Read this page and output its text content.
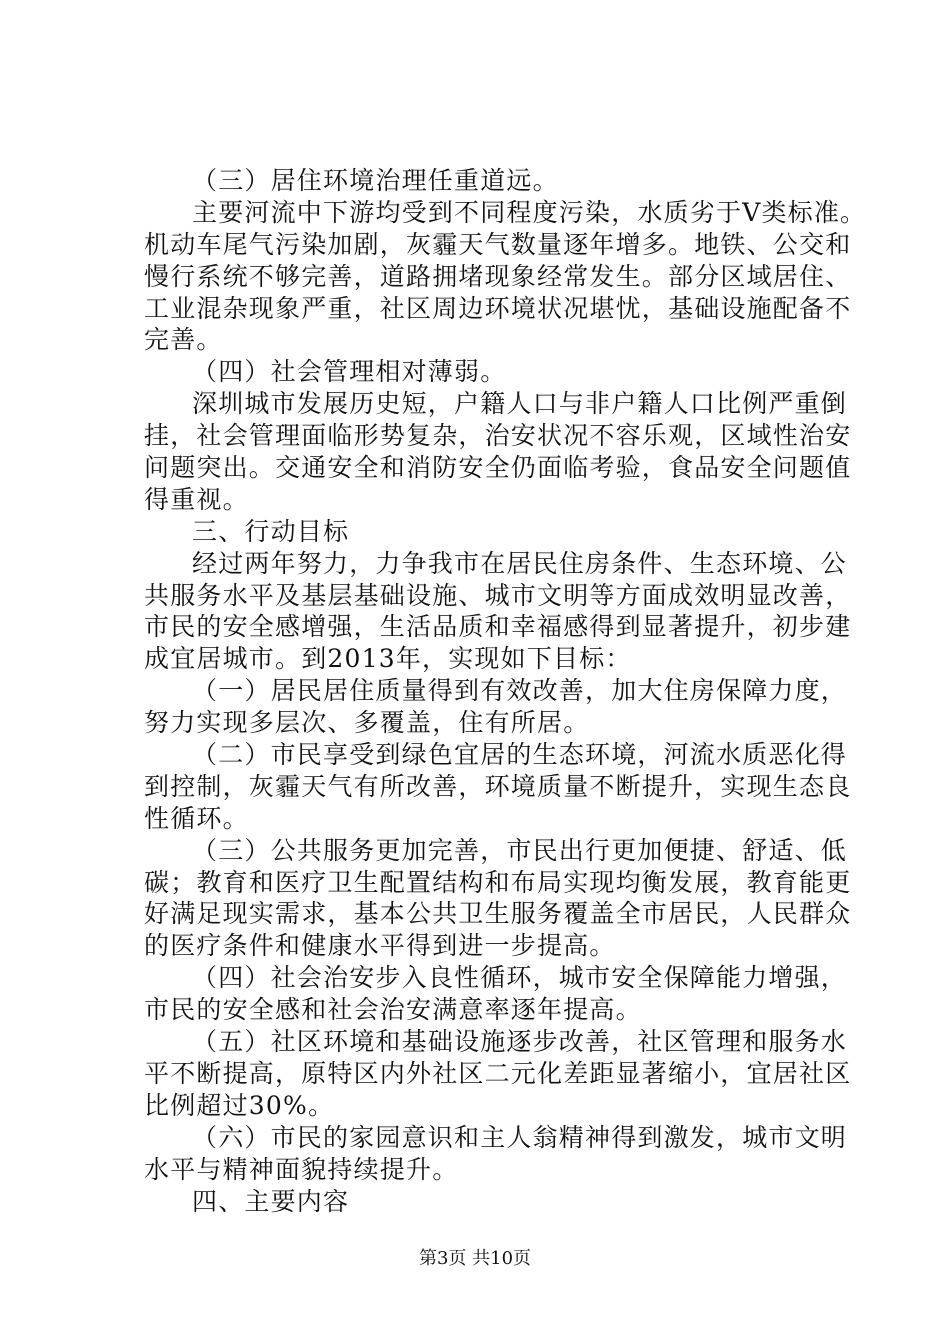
（三）居住环境治理任重道远。
主要河流中下游均受到不同程度污染，水质劣于Ⅴ类标准。
机动车尾气污染加剧，灰霾天气数量逐年增多。地铁、公交和
慢行系统不够完善，道路拥堵现象经常发生。部分区域居住、
工业混杂现象严重，社区周边环境状况堪忧，基础设施配备不
完善。
（四）社会管理相对薄弱。
深圳城市发展历史短，户籍人口与非户籍人口比例严重倒
挂，社会管理面临形势复杂，治安状况不容乐观，区域性治安
问题突出。交通安全和消防安全仍面临考验，食品安全问题值
得重视。
三、行动目标
经过两年努力，力争我市在居民住房条件、生态环境、公
共服务水平及基层基础设施、城市文明等方面成效明显改善，
市民的安全感增强，生活品质和幸福感得到显著提升，初步建
成宜居城市。到2013年，实现如下目标：
（一）居民居住质量得到有效改善，加大住房保障力度，
努力实现多层次、多覆盖，住有所居。
（二）市民享受到绿色宜居的生态环境，河流水质恶化得
到控制，灰霾天气有所改善，环境质量不断提升，实现生态良
性循环。
（三）公共服务更加完善，市民出行更加便捷、舒适、低
碳；教育和医疗卫生配置结构和布局实现均衡发展，教育能更
好满足现实需求，基本公共卫生服务覆盖全市居民，人民群众
的医疗条件和健康水平得到进一步提高。
（四）社会治安步入良性循环，城市安全保障能力增强，
市民的安全感和社会治安满意率逐年提高。
（五）社区环境和基础设施逐步改善，社区管理和服务水
平不断提高，原特区内外社区二元化差距显著缩小，宜居社区
比例超过30%。
（六）市民的家园意识和主人翁精神得到激发，城市文明
水平与精神面貌持续提升。
四、主要内容
第3页 共10页
